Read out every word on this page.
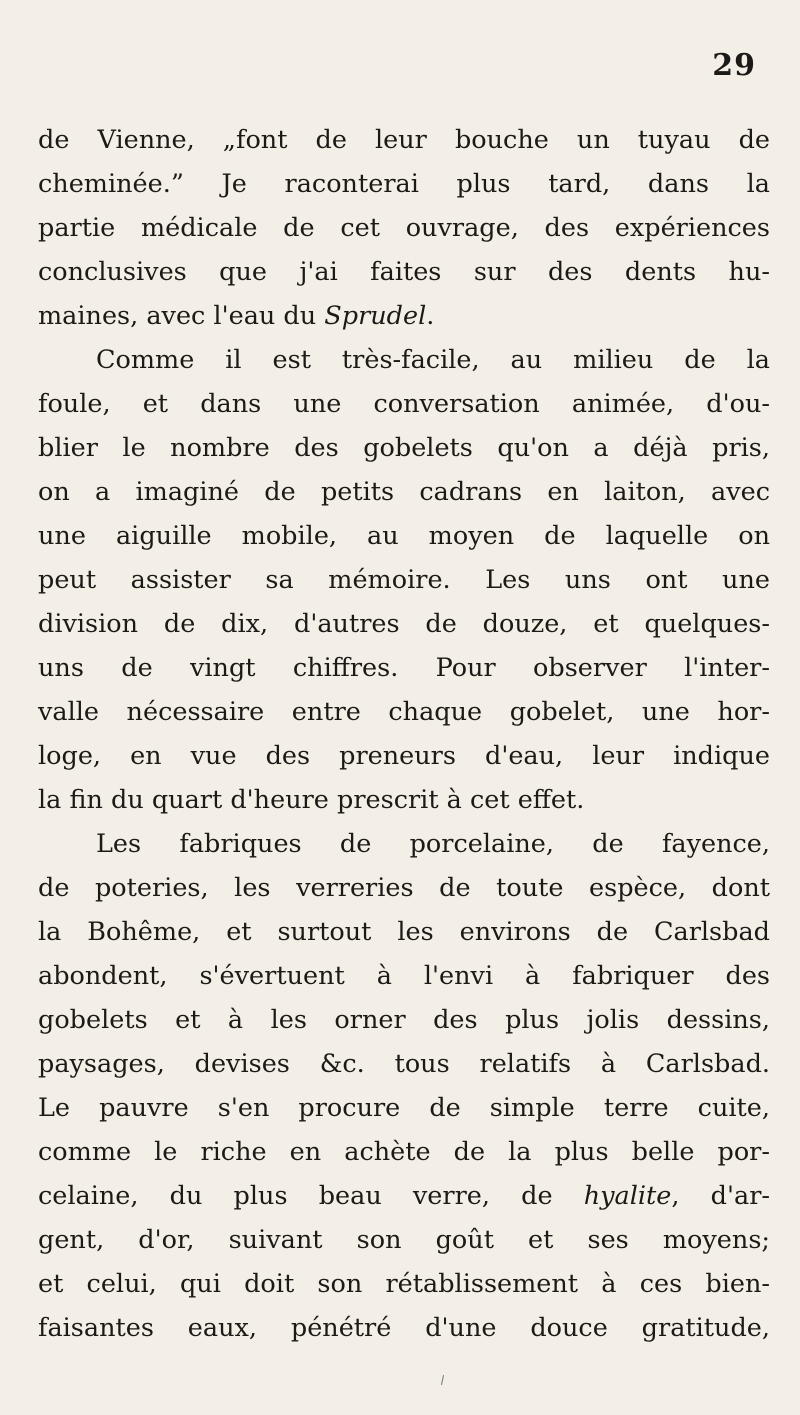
29
de Vienne, „font de leur bouche un tuyau de
cheminée.” Je raconterai plus tard, dans la
partie médicale de cet ouvrage, des expériences
conclusives que j'ai faites sur des dents hu-
maines, avec l'eau du Sprudel.
Comme il est très-facile, au milieu de la
foule, et dans une conversation animée, d'ou-
blier le nombre des gobelets qu'on a déjà pris,
on a imaginé de petits cadrans en laiton, avec
une aiguille mobile, au moyen de laquelle on
peut assister sa mémoire. Les uns ont une
division de dix, d'autres de douze, et quelques-
uns de vingt chiffres. Pour observer l'inter-
valle nécessaire entre chaque gobelet, une hor-
loge, en vue des preneurs d'eau, leur indique
la fin du quart d'heure prescrit à cet effet.
Les fabriques de porcelaine, de fayence,
de poteries, les verreries de toute espèce, dont
la Bohême, et surtout les environs de Carlsbad
abondent, s'évertuent à l'envi à fabriquer des
gobelets et à les orner des plus jolis dessins,
paysages, devises &c. tous relatifs à Carlsbad.
Le pauvre s'en procure de simple terre cuite,
comme le riche en achète de la plus belle por-
celaine, du plus beau verre, de hyalite, d'ar-
gent, d'or, suivant son goût et ses moyens;
et celui, qui doit son rétablissement à ces bien-
faisantes eaux, pénétré d'une douce gratitude,
